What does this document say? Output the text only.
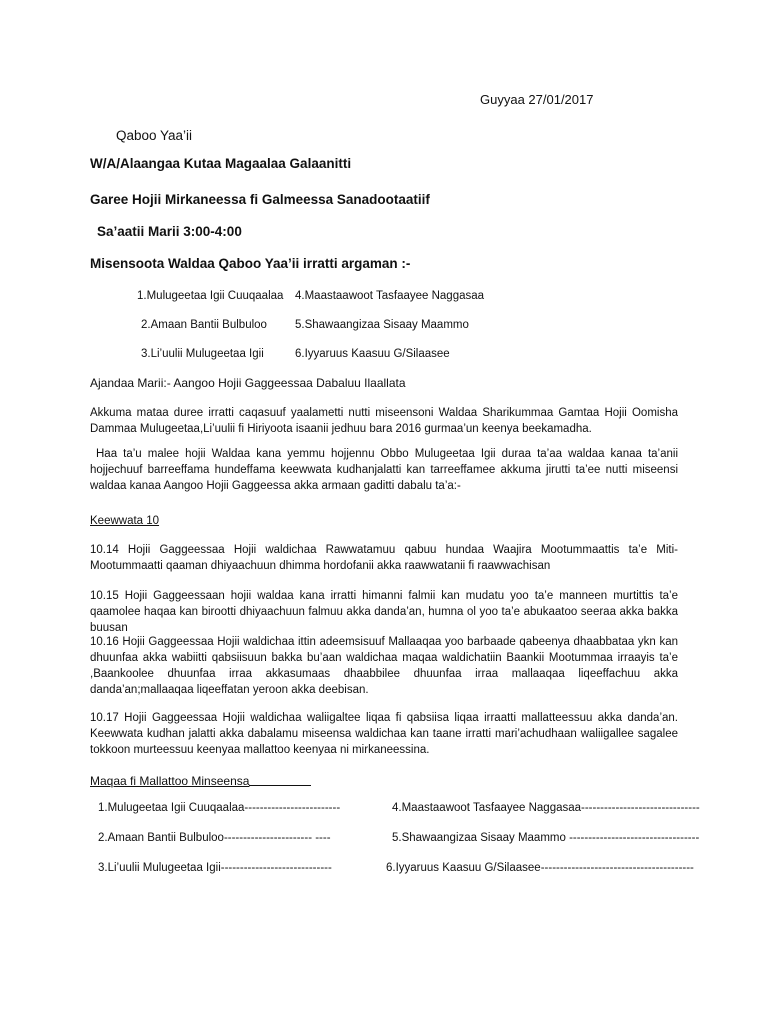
Guyyaa 27/01/2017
Qaboo Yaa’ii
W/A/Alaangaa Kutaa Magaalaa Galaanitti
Garee Hojii Mirkaneessa fi Galmeessa Sanadootaatiif
Sa’aatii Marii 3:00-4:00
Misensoota Waldaa Qaboo Yaa’ii irratti argaman :-
1.Mulugeetaa Igii Cuuqaalaa 4.Maastaawoot Tasfaayee Naggasaa
2.Amaan Bantii Bulbuloo 5.Shawaangizaa Sisaay Maammo
3.Li’uulii Mulugeetaa Igii	6.Iyyaruus Kaasuu G/Silaasee
Ajandaa Marii:- Aangoo Hojii Gaggeessaa Dabaluu Ilaallata
Akkuma mataa duree irratti caqasuuf yaalametti nutti miseensoni Waldaa Sharikummaa Gamtaa Hojii Oomisha Dammaa Mulugeetaa,Li’uulii fi Hiriyoota isaanii jedhuu bara 2016 gurmaa’un keenya beekamadha.
Haa ta’u malee hojii Waldaa kana yemmu hojjennu Obbo Mulugeetaa Igii duraa ta’aa waldaa kanaa ta’anii hojjechuuf barreeffama hundeffama keewwata kudhanjalatti kan tarreeffamee akkuma jirutti ta’ee nutti miseensi waldaa kanaa Aangoo Hojii Gaggeessa akka armaan gaditti dabalu ta’a:-
Keewwata 10
10.14 Hojii Gaggeessaa Hojii waldichaa Rawwatamuu qabuu hundaa Waajira Mootummaattis ta’e Miti-Mootummaatti qaaman dhiyaachuun dhimma hordofanii akka raawwatanii fi raawwachisan
10.15 Hojii Gaggeessaan hojii waldaa kana irratti himanni falmii kan mudatu yoo ta’e manneen murtittis ta’e qaamolee haqaa kan birootti dhiyaachuun falmuu akka danda’an, humna ol yoo ta’e abukaatoo seeraa akka bakka buusan
10.16 Hojii Gaggeessaa Hojii waldichaa ittin adeemsisuuf Mallaaqaa yoo barbaade qabeenya dhaabbataa ykn kan dhuunfaa akka wabiitti qabsiisuun bakka bu’aan waldichaa maqaa waldichatiin Baankii Mootummaa irraayis ta’e ,Baankoolee dhuunfaa irraa akkasumaas dhaabbilee dhuunfaa irraa mallaaqaa liqeeffachuu akka danda’an;mallaaqaa liqeeffatan yeroon akka deebisan.
10.17 Hojii Gaggeessaa Hojii waldichaa waliigaltee liqaa fi qabsiisa liqaa irraatti mallatteessuu akka danda’an. Keewwata kudhan jalatti akka dabalamu miseensa waldichaa kan taane irratti mari’achudhaan waliigallee sagalee tokkoon murteessuu keenyaa mallattoo keenyaa ni mirkaneessina.
Maqaa fi Mallattoo Minseensa
1.Mulugeetaa Igii Cuuqaalaa-------------------------	4.Maastaawoot Tasfaayee Naggasaa-------------------------------
2.Amaan Bantii Bulbuloo----------------------- ----	5.Shawaangizaa Sisaay Maammo ----------------------------------
3.Li’uulii Mulugeetaa Igii-----------------------------	6.Iyyaruus Kaasuu G/Silaasee----------------------------------------
